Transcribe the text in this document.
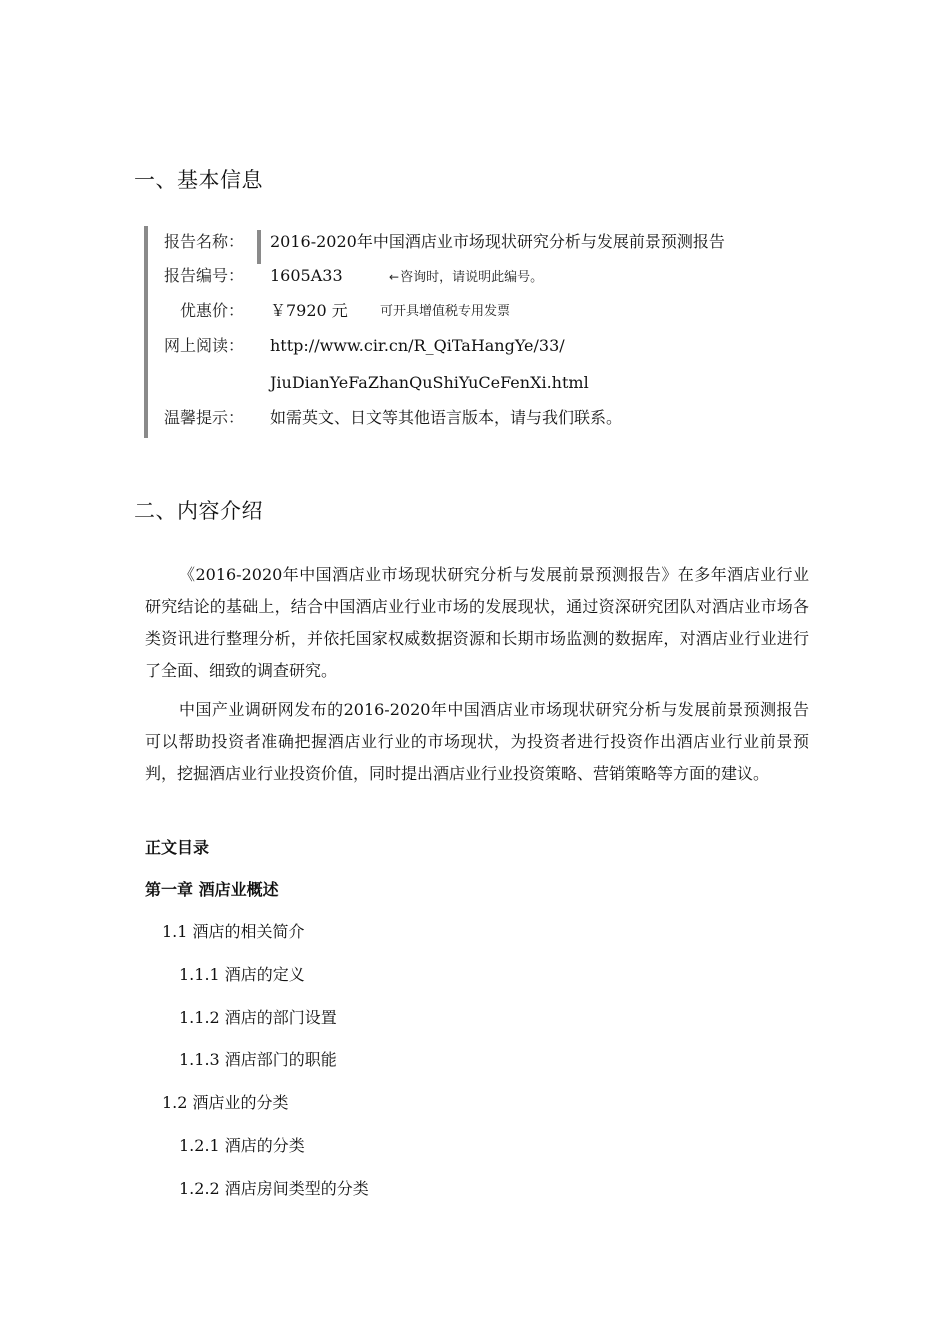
一、基本信息
报告名称： 2016-2020年中国酒店业市场现状研究分析与发展前景预测报告
报告编号： 1605A33	←咨询时，请说明此编号。
优惠价： ￥7920 元 可开具增值税专用发票
网上阅读： http://www.cir.cn/R_QiTaHangYe/33/
JiuDianYeFaZhanQuShiYuCeFenXi.html
温馨提示： 如需英文、日文等其他语言版本，请与我们联系。
二、内容介绍

《2016-2020年中国酒店业市场现状研究分析与发展前景预测报告》在多年酒店业行业研究结论的基础上，结合中国酒店业行业市场的发展现状，通过资深研究团队对酒店业市场各类资讯进行整理分析，并依托国家权威数据资源和长期市场监测的数据库，对酒店业行业进行了全面、细致的调查研究。

中国产业调研网发布的2016-2020年中国酒店业市场现状研究分析与发展前景预测报告可以帮助投资者准确把握酒店业行业的市场现状，为投资者进行投资作出酒店业行业前景预判，挖掘酒店业行业投资价值，同时提出酒店业行业投资策略、营销策略等方面的建议。

正文目录
第一章 酒店业概述
1.1 酒店的相关简介
1.1.1 酒店的定义
1.1.2 酒店的部门设置
1.1.3 酒店部门的职能
1.2 酒店业的分类
1.2.1 酒店的分类
1.2.2 酒店房间类型的分类
